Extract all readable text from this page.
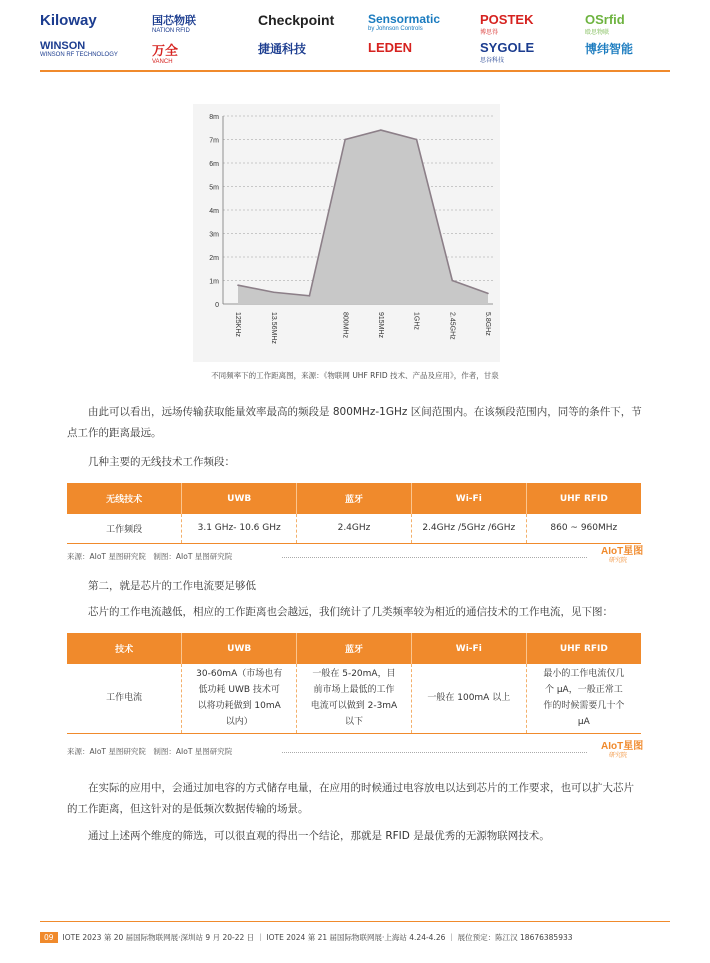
Kiloway	国芯物联
NATION RFID
Checkpoint	Sensormatic
by Johnson Controls
POSTEK
博思得
OSrfid
殴思物联
WINSON
WINSON RF TECHNOLOGY	万全
VANCH
捷通科技	LEDEN	SYGOLE
思谷科技
博纬智能
0
1m
2m
3m
4m
5m
6m
7m
8m
125KHz	13.56MHz	800MHz	915MHz	1GHz	2.45GHz	5.8GHz
不同频率下的工作距离图，来源：《物联网 UHF RFID 技术、产品及应用》，作者，甘泉
由此可以看出，远场传输获取能量效率最高的频段是 800MHz-1GHz 区间范围内。在该频段范围内，同等的条件下，节点工作的距离最远。
几种主要的无线技术工作频段：
无线技术	UWB	蓝牙	Wi-Fi	UHF RFID
工作频段	3.1 GHz- 10.6 GHz	2.4GHz	2.4GHz /5GHz /6GHz	860 ~ 960MHz
来源：AIoT 星图研究院　制图：AIoT 星图研究院	AIoT星图
研究院
第二，就是芯片的工作电流要足够低
芯片的工作电流越低，相应的工作距离也会越远，我们统计了几类频率较为相近的通信技术的工作电流，见下图：
技术	UWB	蓝牙	Wi-Fi	UHF RFID
工作电流	30-60mA（市场也有低功耗 UWB 技术可以将功耗做到 10mA 以内）	一般在 5-20mA，目前市场上最低的工作电流可以做到 2-3mA 以下	一般在 100mA 以上	最小的工作电流仅几个 μA，一般正常工作的时候需要几十个 μA
来源：AIoT 星图研究院　制图：AIoT 星图研究院	AIoT星图
研究院
在实际的应用中，会通过加电容的方式储存电量，在应用的时候通过电容放电以达到芯片的工作要求，也可以扩大芯片的工作距离，但这针对的是低频次数据传输的场景。
通过上述两个维度的筛选，可以很直观的得出一个结论，那就是 RFID 是最优秀的无源物联网技术。
09 IOTE 2023 第 20 届国际物联网展·深圳站 9 月 20-22 日 ｜ IOTE 2024 第 21 届国际物联网展·上海站 4.24-4.26 ｜ 展位预定：陈江汉 18676385933
